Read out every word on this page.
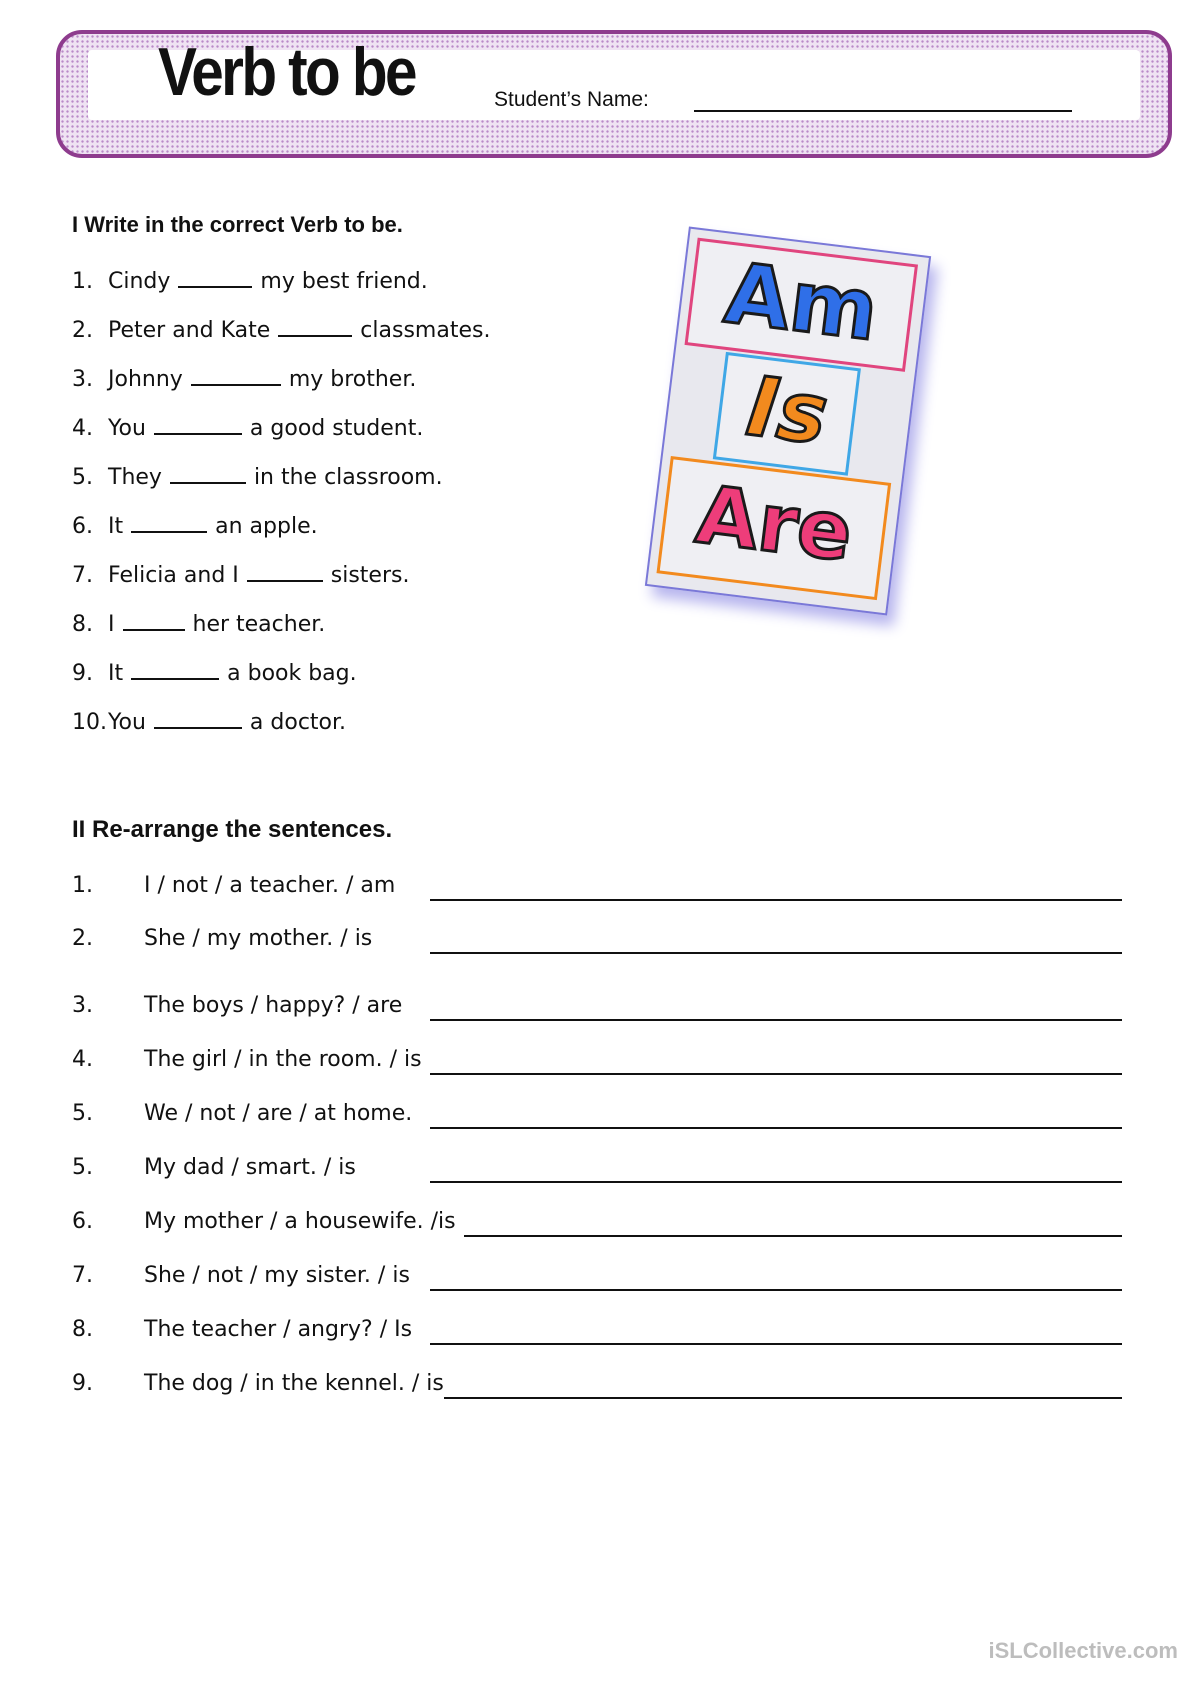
Verb to be	Student’s Name:
I Write in the correct Verb to be.
1. Cindy	my best friend.
2. Peter and Kate	classmates.
3. Johnny	my brother.
4. You	a good student.
5. They	in the classroom.
6. It	an apple.
7. Felicia and I	sisters.
8. I	her teacher.
9. It	a book bag.
10.You	a doctor.
Am
Is
Are
II Re-arrange the sentences.
1. I / not / a teacher. / am
2. She / my mother. / is
3. The boys / happy? / are
4. The girl / in the room. / is
5. We / not / are / at home.
5. My dad / smart. / is
6. My mother / a housewife. /is
7. She / not / my sister. / is
8. The teacher / angry? / Is
9. The dog / in the kennel. / is
iSLCollective.com
